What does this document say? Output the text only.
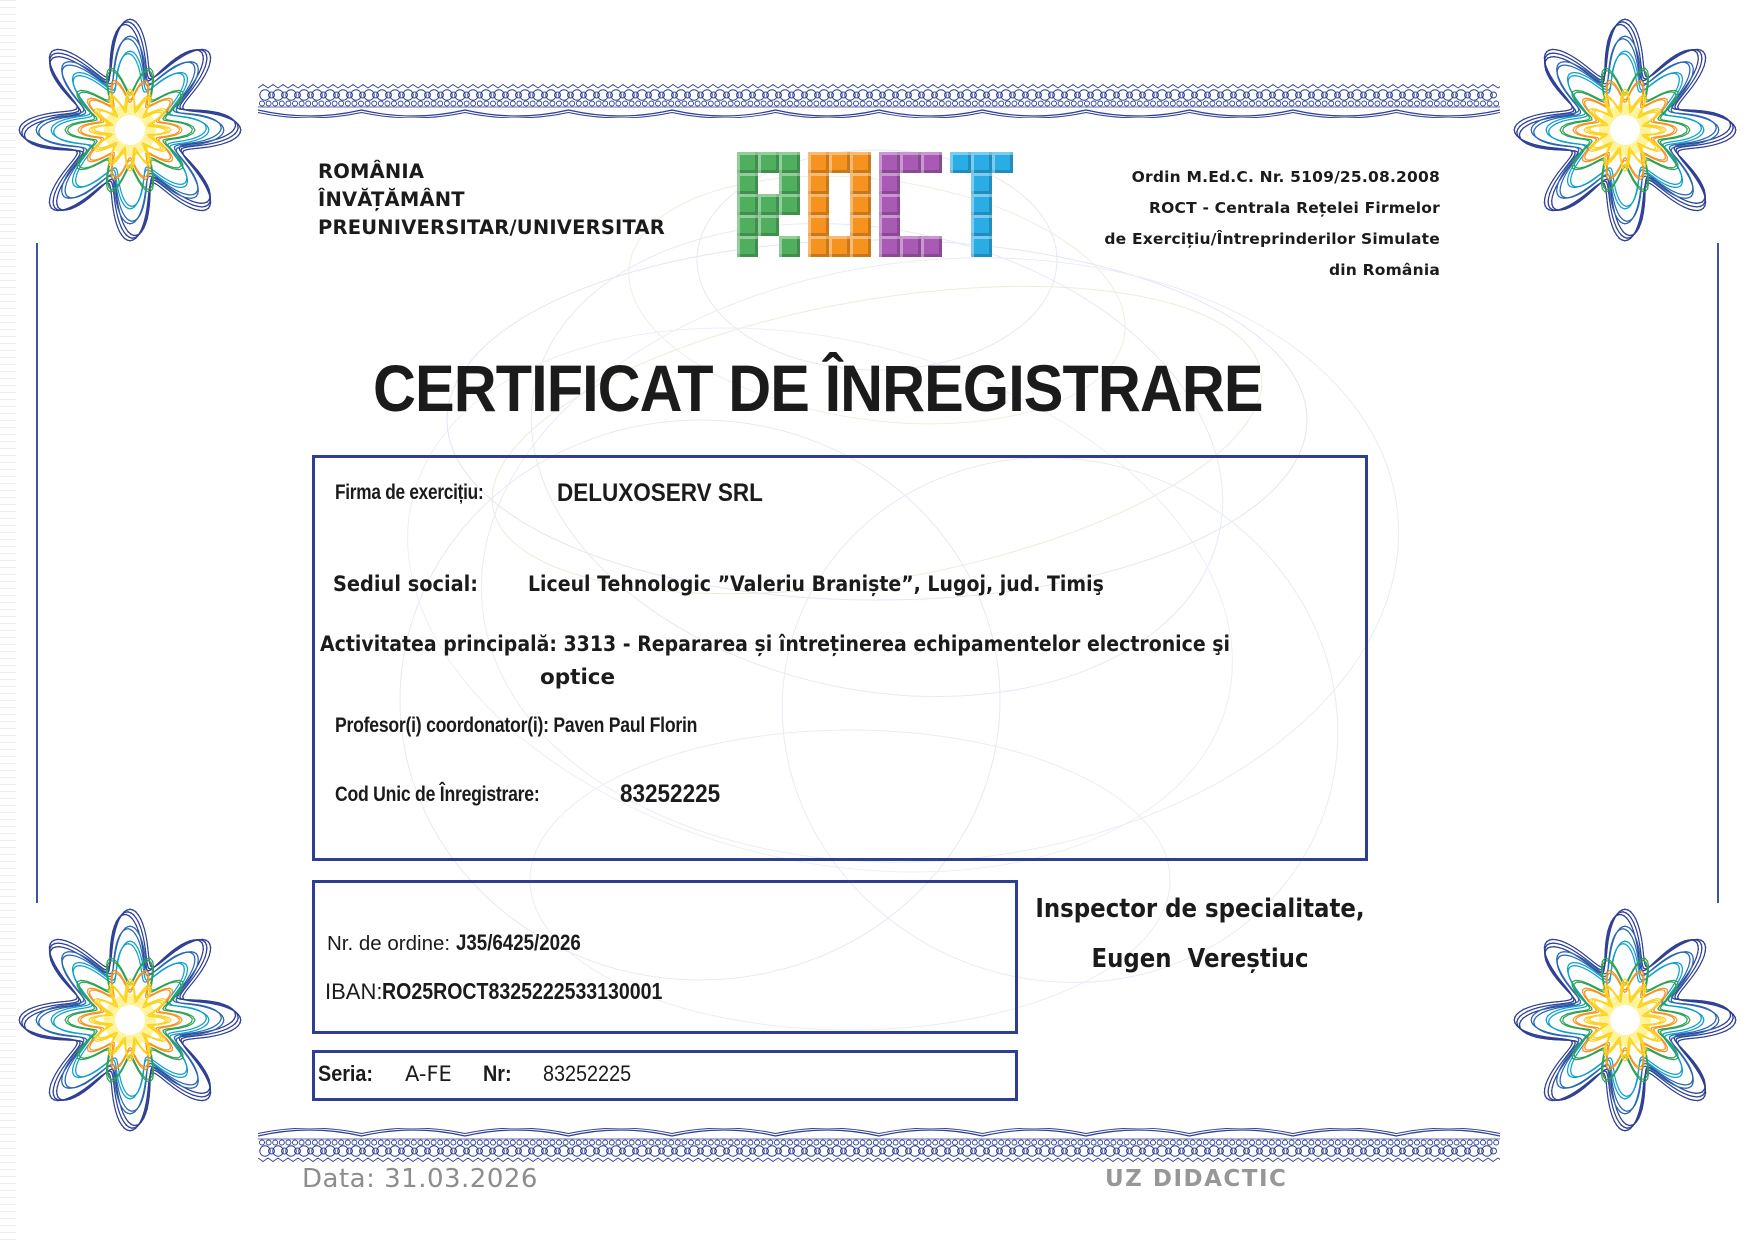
ROMÂNIA
ÎNVĂȚĂMÂNT
PREUNIVERSITAR/UNIVERSITAR
Ordin M.Ed.C. Nr. 5109/25.08.2008
ROCT - Centrala Rețelei Firmelor
de Exercițiu/Întreprinderilor Simulate
din România
CERTIFICAT DE ÎNREGISTRARE
Firma de exercițiu:	DELUXOSERV SRL
Sediul social: Liceul Tehnologic ”Valeriu Braniște”, Lugoj, jud. Timiş
Activitatea principală: 3313 - Repararea și întreținerea echipamentelor electronice şi
optice
Profesor(i) coordonator(i): Paven Paul Florin
Cod Unic de Înregistrare:	83252225
Nr. de ordine: J35/6425/2026
IBAN:RO25ROCT8325222533130001
Seria: A-FE Nr: 83252225
Inspector de specialitate,
Eugen  Vereștiuc
Data: 31.03.2026	UZ DIDACTIC
